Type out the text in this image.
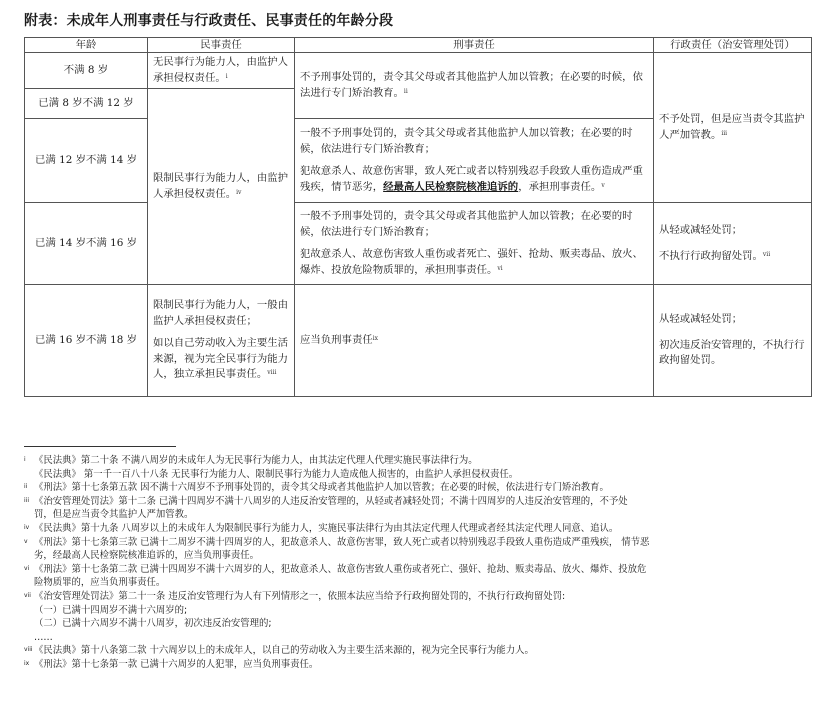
附表：未成年人刑事责任与行政责任、民事责任的年龄分段
年龄	民事责任	刑事责任	行政责任（治安管理处罚）
不满 8 岁	无民事行为能力人，由监护人承担侵权责任。$^i$	不予刑事处罚的，责令其父母或者其他监护人加以管教；在必要的时候，依法进行专门矫治教育。$^{ii}$	不予处罚，但是应当责令其监护人严加管教。$^{iii}$
已满 8 岁不满 12 岁	限制民事行为能力人，由监护人承担侵权责任。$^{iv}$
已满 12 岁不满 14 岁		一般不予刑事处罚的，责令其父母或者其他监护人加以管教；在必要的时候，依法进行专门矫治教育；
犯故意杀人、故意伤害罪，致人死亡或者以特别残忍手段致人重伤造成严重残疾，情节恶劣，经最高人民检察院核准追诉的，承担刑事责任。$^v$
已满 14 岁不满 16 岁		一般不予刑事处罚的，责令其父母或者其他监护人加以管教；在必要的时候，依法进行专门矫治教育；
犯故意杀人、故意伤害致人重伤或者死亡、强奸、抢劫、贩卖毒品、放火、爆炸、投放危险物质罪的，承担刑事责任。$^{vi}$	从轻或减轻处罚；
不执行行政拘留处罚。$^{vii}$
已满 16 岁不满 18 岁	限制民事行为能力人，一般由监护人承担侵权责任；
如以自己劳动收入为主要生活来源，视为完全民事行为能力人，独立承担民事责任。$^{viii}$	应当负刑事责任$^{ix}$	从轻或减轻处罚；
初次违反治安管理的，不执行行政拘留处罚。

i 《民法典》第二十条 不满八周岁的未成年人为无民事行为能力人，由其法定代理人代理实施民事法律行为。

《民法典》 第一千一百八十八条 无民事行为能力人、限制民事行为能力人造成他人损害的，由监护人承担侵权责任。

ii 《刑法》第十七条第五款 因不满十六周岁不予刑事处罚的，责令其父母或者其他监护人加以管教；在必要的时候，依法进行专门矫治教育。

iii 《治安管理处罚法》第十二条 已满十四周岁不满十八周岁的人违反治安管理的，从轻或者减轻处罚；不满十四周岁的人违反治安管理的，不予处

罚，但是应当责令其监护人严加管教。

iv 《民法典》第十九条 八周岁以上的未成年人为限制民事行为能力人，实施民事法律行为由其法定代理人代理或者经其法定代理人同意、追认。

v 《刑法》第十七条第三款 已满十二周岁不满十四周岁的人，犯故意杀人、故意伤害罪，致人死亡或者以特别残忍手段致人重伤造成严重残疾， 情节恶

劣，经最高人民检察院核准追诉的，应当负刑事责任。

vi 《刑法》第十七条第二款 已满十四周岁不满十六周岁的人，犯故意杀人、故意伤害致人重伤或者死亡、强奸、抢劫、贩卖毒品、放火、爆炸、投放危

险物质罪的，应当负刑事责任。

vii 《治安管理处罚法》第二十一条 违反治安管理行为人有下列情形之一，依照本法应当给予行政拘留处罚的，不执行行政拘留处罚:

（一）已满十四周岁不满十六周岁的;

（二）已满十六周岁不满十八周岁，初次违反治安管理的;

……

viii《民法典》第十八条第二款 十六周岁以上的未成年人，以自己的劳动收入为主要生活来源的，视为完全民事行为能力人。

ix 《刑法》第十七条第一款 已满十六周岁的人犯罪，应当负刑事责任。
